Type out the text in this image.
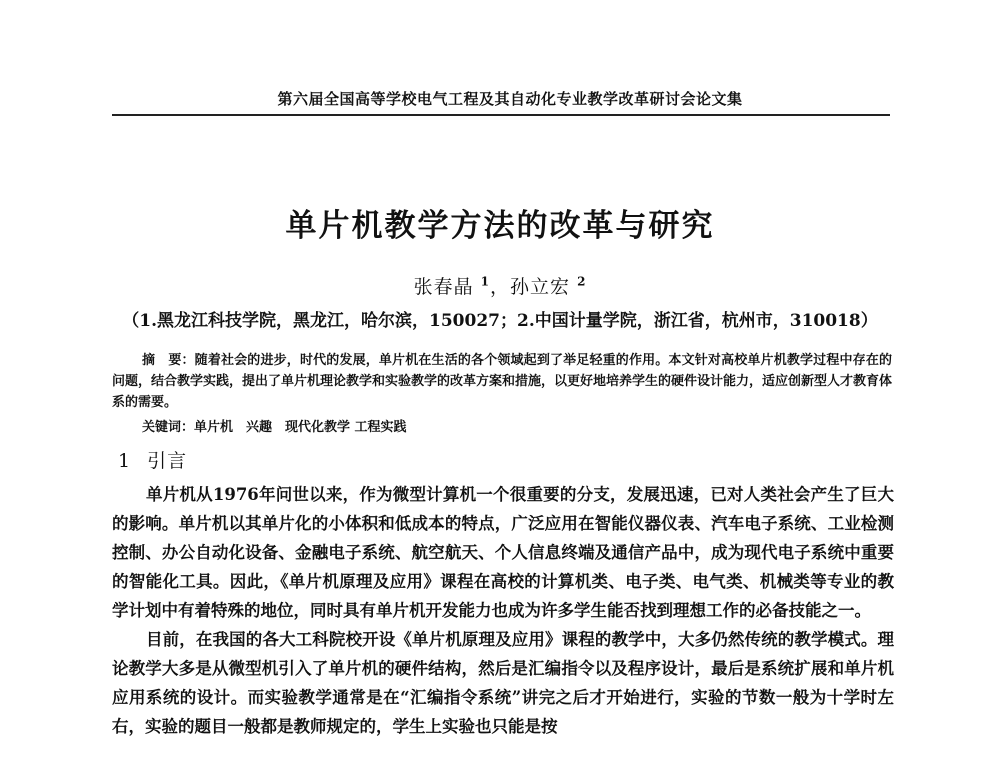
第六届全国高等学校电气工程及其自动化专业教学改革研讨会论文集
单片机教学方法的改革与研究
张春晶 $^1$，孙立宏 $^2$
（1.黑龙江科技学院，黑龙江，哈尔滨，150027；2.中国计量学院，浙江省，杭州市，310018）

摘　要：随着社会的进步，时代的发展，单片机在生活的各个领域起到了举足轻重的作用。本文针对高校单片机教学过程中存在的问题，结合教学实践，提出了单片机理论教学和实验教学的改革方案和措施，以更好地培养学生的硬件设计能力，适应创新型人才教育体系的需要。

关键词：单片机　兴趣　现代化教学 工程实践
1 引言

单片机从1976年问世以来，作为微型计算机一个很重要的分支，发展迅速，已对人类社会产生了巨大的影响。单片机以其单片化的小体积和低成本的特点，广泛应用在智能仪器仪表、汽车电子系统、工业检测控制、办公自动化设备、金融电子系统、航空航天、个人信息终端及通信产品中，成为现代电子系统中重要的智能化工具。因此，《单片机原理及应用》课程在高校的计算机类、电子类、电气类、机械类等专业的教学计划中有着特殊的地位，同时具有单片机开发能力也成为许多学生能否找到理想工作的必备技能之一。

目前，在我国的各大工科院校开设《单片机原理及应用》课程的教学中，大多仍然传统的教学模式。理论教学大多是从微型机引入了单片机的硬件结构，然后是汇编指令以及程序设计，最后是系统扩展和单片机应用系统的设计。而实验教学通常是在“汇编指令系统”讲完之后才开始进行，实验的节数一般为十学时左右，实验的题目一般都是教师规定的，学生上实验也只能是按
